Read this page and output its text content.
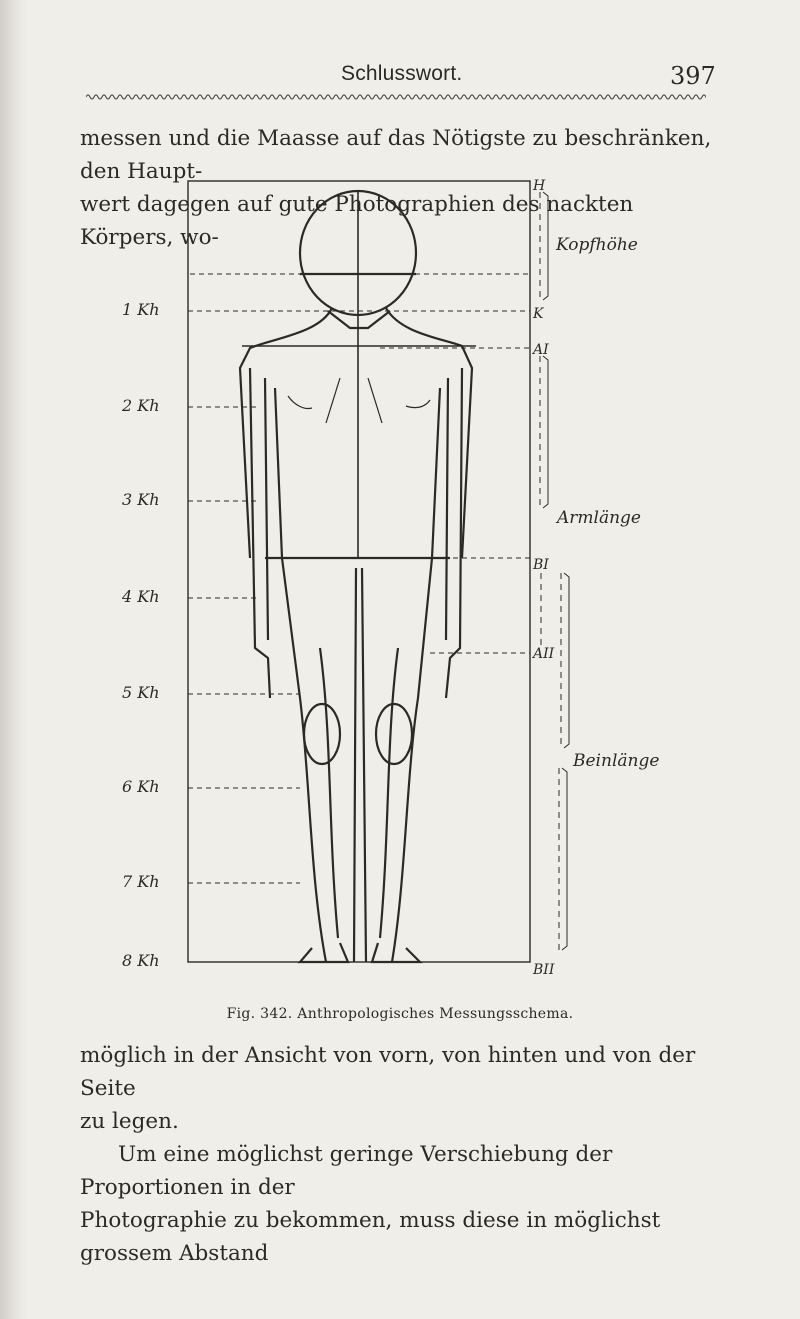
Schlusswort.	397

messen und die Maasse auf das Nötigste zu beschränken, den Haupt-

wert dagegen auf gute Photographien des nackten Körpers, wo-

1 Kh
2 Kh
3 Kh
4 Kh
5 Kh
6 Kh
7 Kh
8 Kh
H
K
AI
BI
AII
BII
Kopfhöhe
Armlänge
Beinlänge
Fig. 342. Anthropologisches Messungsschema.

möglich in der Ansicht von vorn, von hinten und von der Seite

zu legen.

Um eine möglichst geringe Verschiebung der Proportionen in der

Photographie zu bekommen, muss diese in möglichst grossem Abstand
